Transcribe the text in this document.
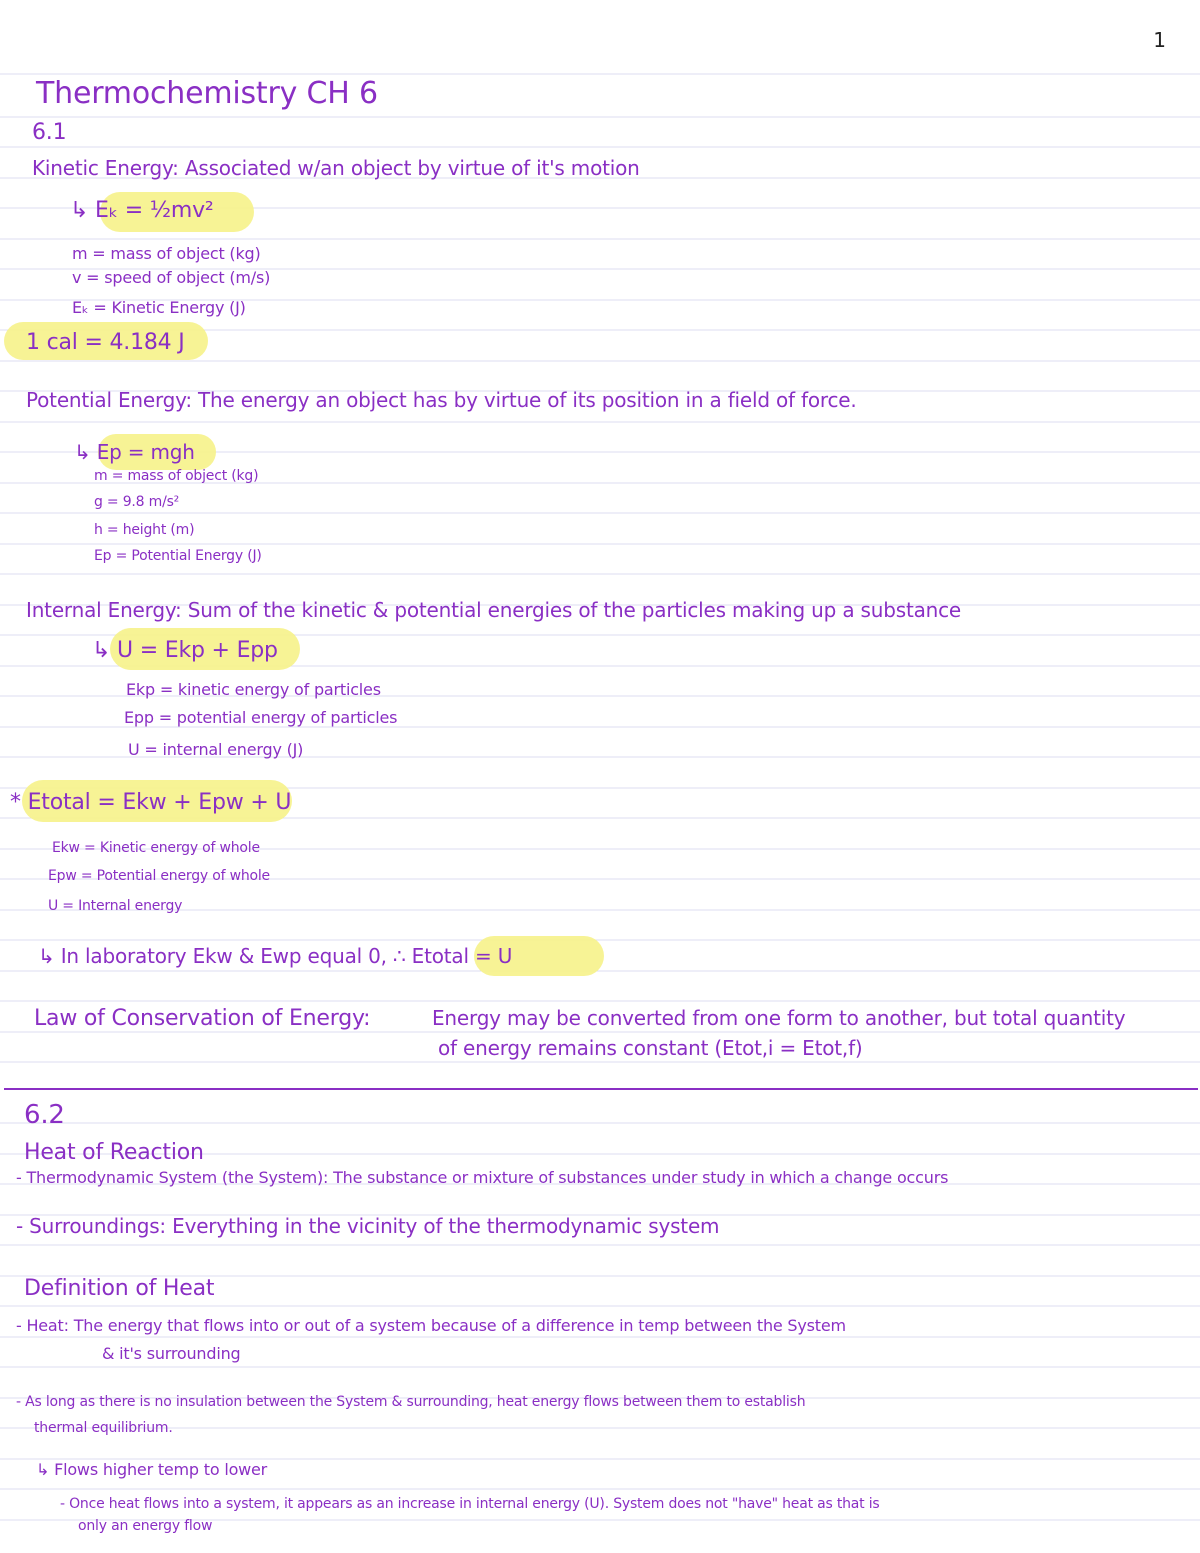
1
Thermochemistry CH 6
6.1
Kinetic Energy: Associated w/an object by virtue of it's motion
↳ Eₖ = ½mv²
m = mass of object (kg)
v = speed of object (m/s)
Eₖ = Kinetic Energy (J)
1 cal = 4.184 J
Potential Energy: The energy an object has by virtue of its position in a field of force.
↳ Ep = mgh
m = mass of object (kg)
g = 9.8 m/s²
h = height (m)
Ep = Potential Energy (J)
Internal Energy: Sum of the kinetic & potential energies of the particles making up a substance
↳ U = Ekp + Epp
Ekp = kinetic energy of particles
Epp = potential energy of particles
U = internal energy (J)
* Etotal = Ekw + Epw + U
Ekw = Kinetic energy of whole
Epw = Potential energy of whole
U = Internal energy
↳ In laboratory Ekw & Ewp equal 0, ∴ Etotal = U
Law of Conservation of Energy:	Energy may be converted from one form to another, but total quantity
of energy remains constant (Etot,i = Etot,f)
6.2
Heat of Reaction
- Thermodynamic System (the System): The substance or mixture of substances under study in which a change occurs
- Surroundings: Everything in the vicinity of the thermodynamic system
Definition of Heat
- Heat: The energy that flows into or out of a system because of a difference in temp between the System
& it's surrounding
- As long as there is no insulation between the System & surrounding, heat energy flows between them to establish
thermal equilibrium.
↳ Flows higher temp to lower
- Once heat flows into a system, it appears as an increase in internal energy (U). System does not "have" heat as that is
only an energy flow
